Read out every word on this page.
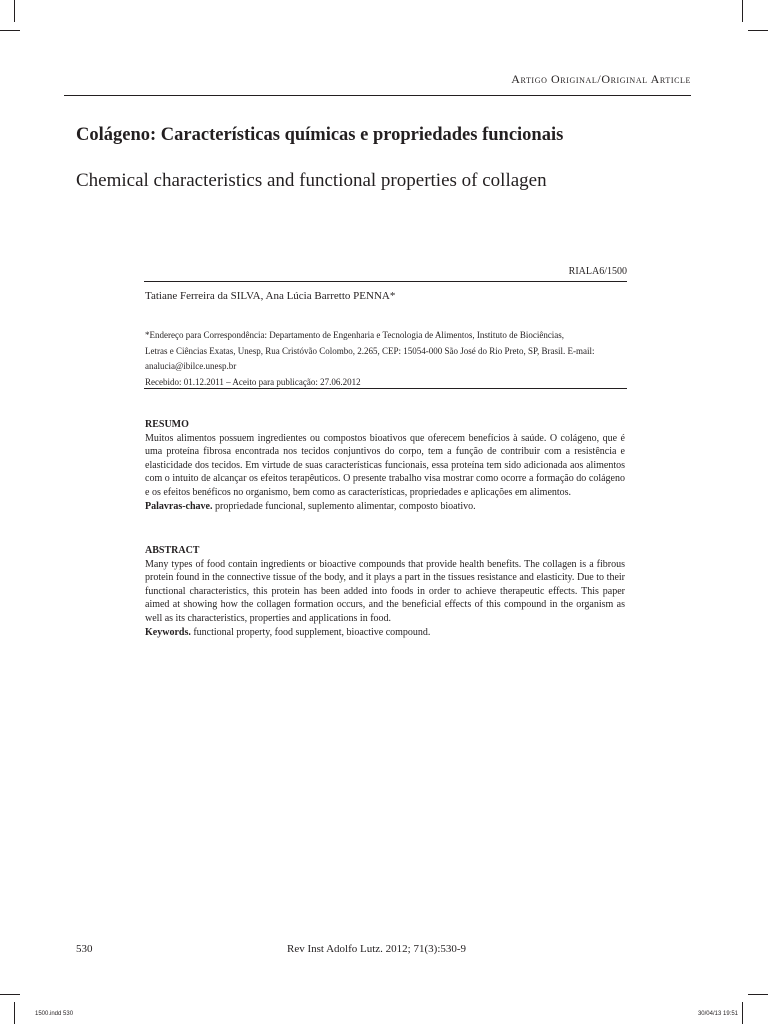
Artigo Original/Original Article
Colágeno: Características químicas e propriedades funcionais
Chemical characteristics and functional properties of collagen
RIALA6/1500
Tatiane Ferreira da SILVA, Ana Lúcia Barretto PENNA*

*Endereço para Correspondência: Departamento de Engenharia e Tecnologia de Alimentos, Instituto de Biociências,

Letras e Ciências Exatas, Unesp, Rua Cristóvão Colombo, 2.265, CEP: 15054-000 São José do Rio Preto, SP, Brasil. E-mail:

analucia@ibilce.unesp.br

Recebido: 01.12.2011 – Aceito para publicação: 27.06.2012

RESUMO

Muitos alimentos possuem ingredientes ou compostos bioativos que oferecem benefícios à saúde. O colágeno, que é uma proteína fibrosa encontrada nos tecidos conjuntivos do corpo, tem a função de contribuir com a resistência e elasticidade dos tecidos. Em virtude de suas características funcionais, essa proteína tem sido adicionada aos alimentos com o intuito de alcançar os efeitos terapêuticos. O presente trabalho visa mostrar como ocorre a formação do colágeno e os efeitos benéficos no organismo, bem como as características, propriedades e aplicações em alimentos.

Palavras-chave. propriedade funcional, suplemento alimentar, composto bioativo.

ABSTRACT

Many types of food contain ingredients or bioactive compounds that provide health benefits. The collagen is a fibrous protein found in the connective tissue of the body, and it plays a part in the tissues resistance and elasticity. Due to their functional characteristics, this protein has been added into foods in order to achieve therapeutic effects. This paper aimed at showing how the collagen formation occurs, and the beneficial effects of this compound in the organism as well as its characteristics, properties and applications in food.

Keywords. functional property, food supplement, bioactive compound.

530	Rev Inst Adolfo Lutz. 2012; 71(3):530-9
1500.indd 530	30/04/13 19:51
